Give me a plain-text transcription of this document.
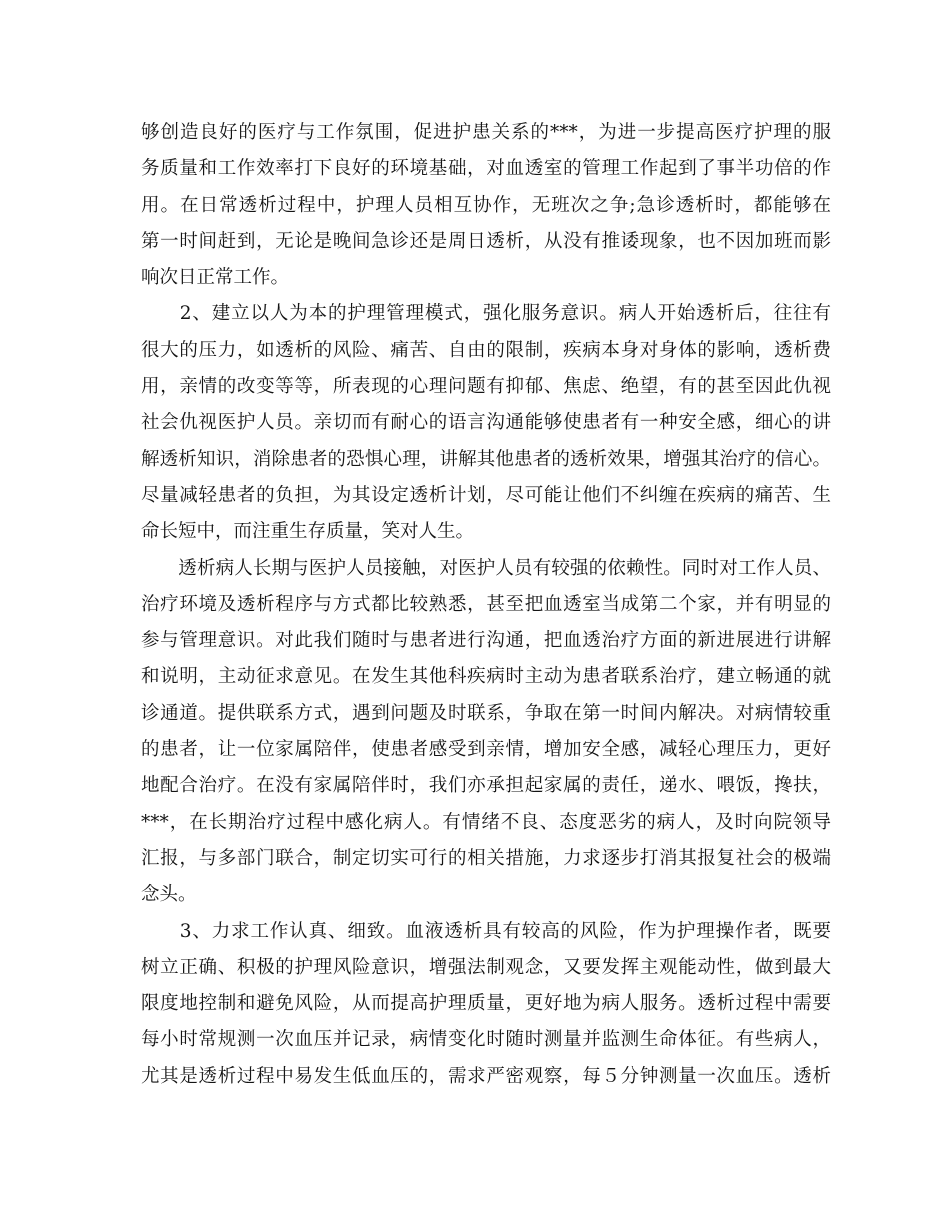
够创造良好的医疗与工作氛围，促进护患关系的***，为进一步提高医疗护理的服
务质量和工作效率打下良好的环境基础，对血透室的管理工作起到了事半功倍的作
用。在日常透析过程中，护理人员相互协作，无班次之争;急诊透析时，都能够在
第一时间赶到，无论是晚间急诊还是周日透析，从没有推诿现象，也不因加班而影
响次日正常工作。
　　2、建立以人为本的护理管理模式，强化服务意识。病人开始透析后，往往有
很大的压力，如透析的风险、痛苦、自由的限制，疾病本身对身体的影响，透析费
用，亲情的改变等等，所表现的心理问题有抑郁、焦虑、绝望，有的甚至因此仇视
社会仇视医护人员。亲切而有耐心的语言沟通能够使患者有一种安全感，细心的讲
解透析知识，消除患者的恐惧心理，讲解其他患者的透析效果，增强其治疗的信心。
尽量减轻患者的负担，为其设定透析计划，尽可能让他们不纠缠在疾病的痛苦、生
命长短中，而注重生存质量，笑对人生。
　　透析病人长期与医护人员接触，对医护人员有较强的依赖性。同时对工作人员、
治疗环境及透析程序与方式都比较熟悉，甚至把血透室当成第二个家，并有明显的
参与管理意识。对此我们随时与患者进行沟通，把血透治疗方面的新进展进行讲解
和说明，主动征求意见。在发生其他科疾病时主动为患者联系治疗，建立畅通的就
诊通道。提供联系方式，遇到问题及时联系，争取在第一时间内解决。对病情较重
的患者，让一位家属陪伴，使患者感受到亲情，增加安全感，减轻心理压力，更好
地配合治疗。在没有家属陪伴时，我们亦承担起家属的责任，递水、喂饭，搀扶，
***，在长期治疗过程中感化病人。有情绪不良、态度恶劣的病人，及时向院领导
汇报，与多部门联合，制定切实可行的相关措施，力求逐步打消其报复社会的极端
念头。
　　3、力求工作认真、细致。血液透析具有较高的风险，作为护理操作者，既要
树立正确、积极的护理风险意识，增强法制观念，又要发挥主观能动性，做到最大
限度地控制和避免风险，从而提高护理质量，更好地为病人服务。透析过程中需要
每小时常规测一次血压并记录，病情变化时随时测量并监测生命体征。有些病人，
尤其是透析过程中易发生低血压的，需求严密观察，每５分钟测量一次血压。透析
